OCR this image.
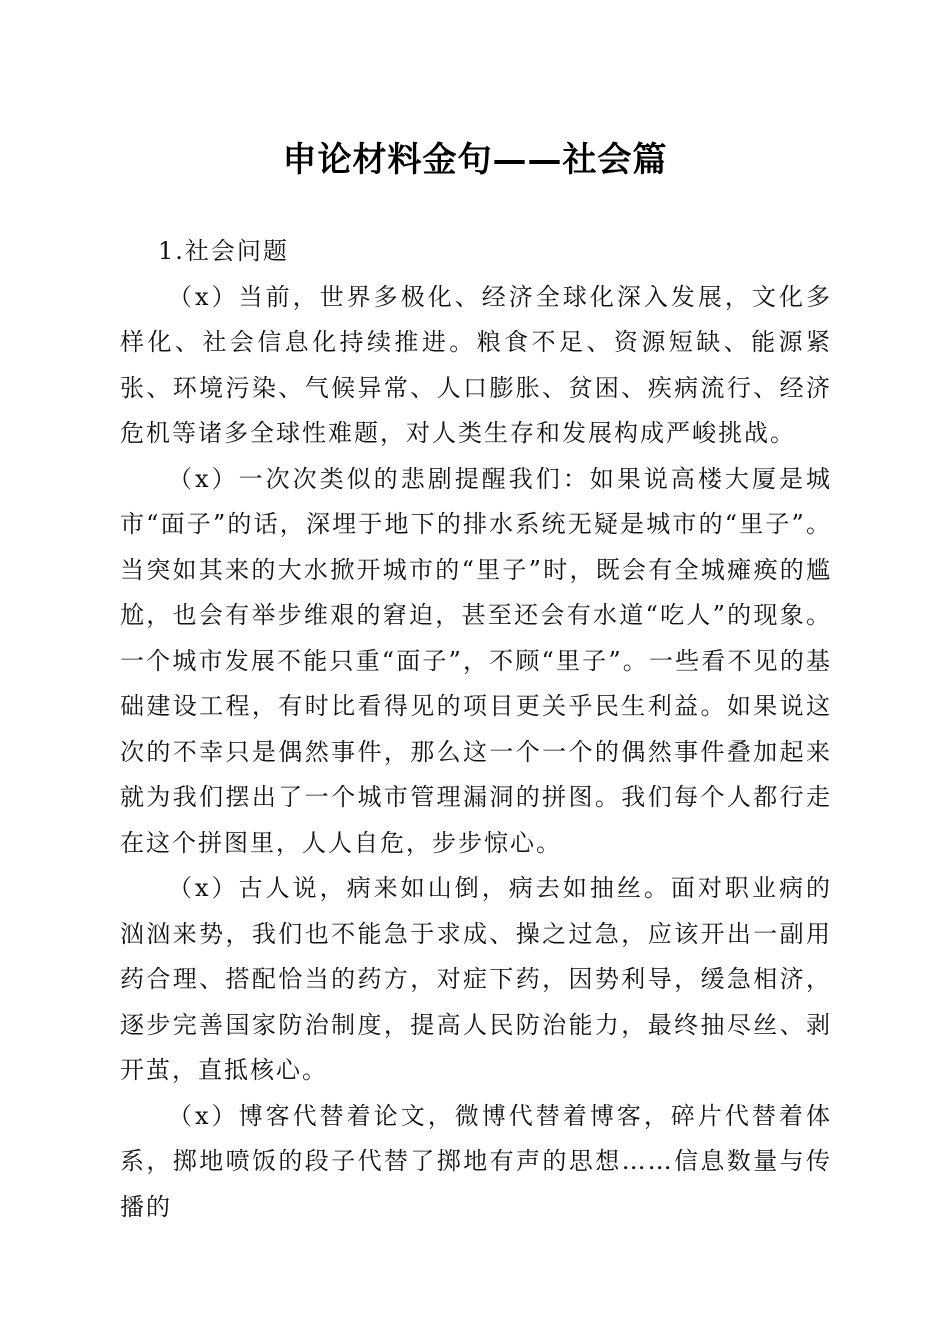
申论材料金句——社会篇

1.社会问题

（x）当前，世界多极化、经济全球化深入发展，文化多样化、社会信息化持续推进。粮食不足、资源短缺、能源紧张、环境污染、气候异常、人口膨胀、贫困、疾病流行、经济危机等诸多全球性难题，对人类生存和发展构成严峻挑战。

（x）一次次类似的悲剧提醒我们：如果说高楼大厦是城市“面子”的话，深埋于地下的排水系统无疑是城市的“里子”。当突如其来的大水掀开城市的“里子”时，既会有全城瘫痪的尴尬，也会有举步维艰的窘迫，甚至还会有水道“吃人”的现象。一个城市发展不能只重“面子”，不顾“里子”。一些看不见的基础建设工程，有时比看得见的项目更关乎民生利益。如果说这次的不幸只是偶然事件，那么这一个一个的偶然事件叠加起来就为我们摆出了一个城市管理漏洞的拼图。我们每个人都行走在这个拼图里，人人自危，步步惊心。

（x）古人说，病来如山倒，病去如抽丝。面对职业病的汹汹来势，我们也不能急于求成、操之过急，应该开出一副用药合理、搭配恰当的药方，对症下药，因势利导，缓急相济，逐步完善国家防治制度，提高人民防治能力，最终抽尽丝、剥开茧，直抵核心。

（x）博客代替着论文，微博代替着博客，碎片代替着体系，掷地喷饭的段子代替了掷地有声的思想……信息数量与传播的
